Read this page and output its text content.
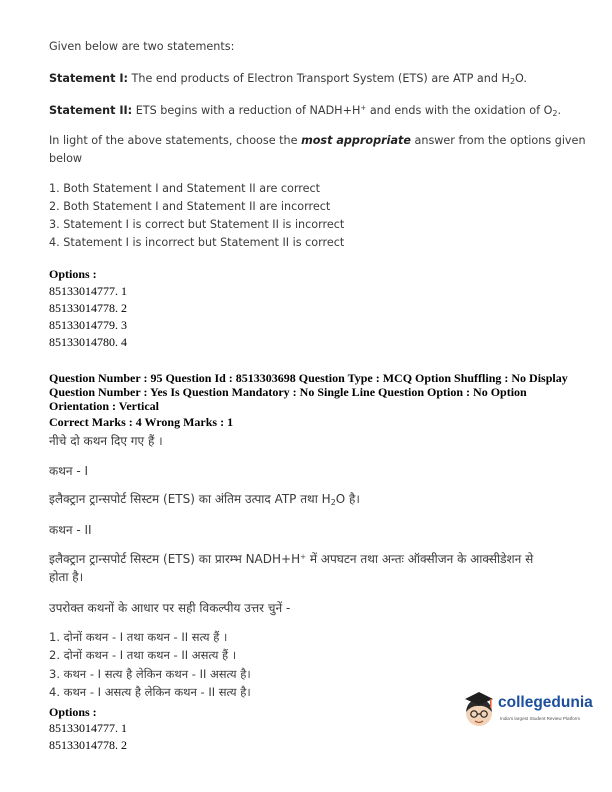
Given below are two statements:
Statement I: The end products of Electron Transport System (ETS) are ATP and $H_2O$.
Statement II: ETS begins with a reduction of NADH+H+ and ends with the oxidation of $O_2$.
In light of the above statements, choose the most appropriate answer from the options given
below
1. Both Statement I and Statement II are correct
2. Both Statement I and Statement II are incorrect
3. Statement I is correct but Statement II is incorrect
4. Statement I is incorrect but Statement II is correct
Options :
85133014777. 1
85133014778. 2
85133014779. 3
85133014780. 4
Question Number : 95 Question Id : 8513303698 Question Type : MCQ Option Shuffling : No Display
Question Number : Yes Is Question Mandatory : No Single Line Question Option : No Option
Orientation : Vertical
Correct Marks : 4 Wrong Marks : 1
नीचे दो कथन दिए गए हैं ।
कथन - I
इलैक्ट्रान ट्रान्सपोर्ट सिस्टम (ETS) का अंतिम उत्पाद ATP तथा $H_2O$ है।
कथन - II
इलैक्ट्रान ट्रान्सपोर्ट सिस्टम (ETS) का प्रारम्भ NADH+H+ में अपघटन तथा अन्तः ऑक्सीजन के आक्सीडेशन से
होता है।
उपरोक्त कथनों के आधार पर सही विकल्पीय उत्तर चुनें -
1. दोनों कथन - I तथा कथन - II सत्य हैं ।
2. दोनों कथन - I तथा कथन - II असत्य हैं ।
3. कथन - I सत्य है लेकिन कथन - II असत्य है।
4. कथन - I असत्य है लेकिन कथन - II सत्य है।
Options :
85133014777. 1
85133014778. 2
collegedunia
India's largest Student Review Platform
